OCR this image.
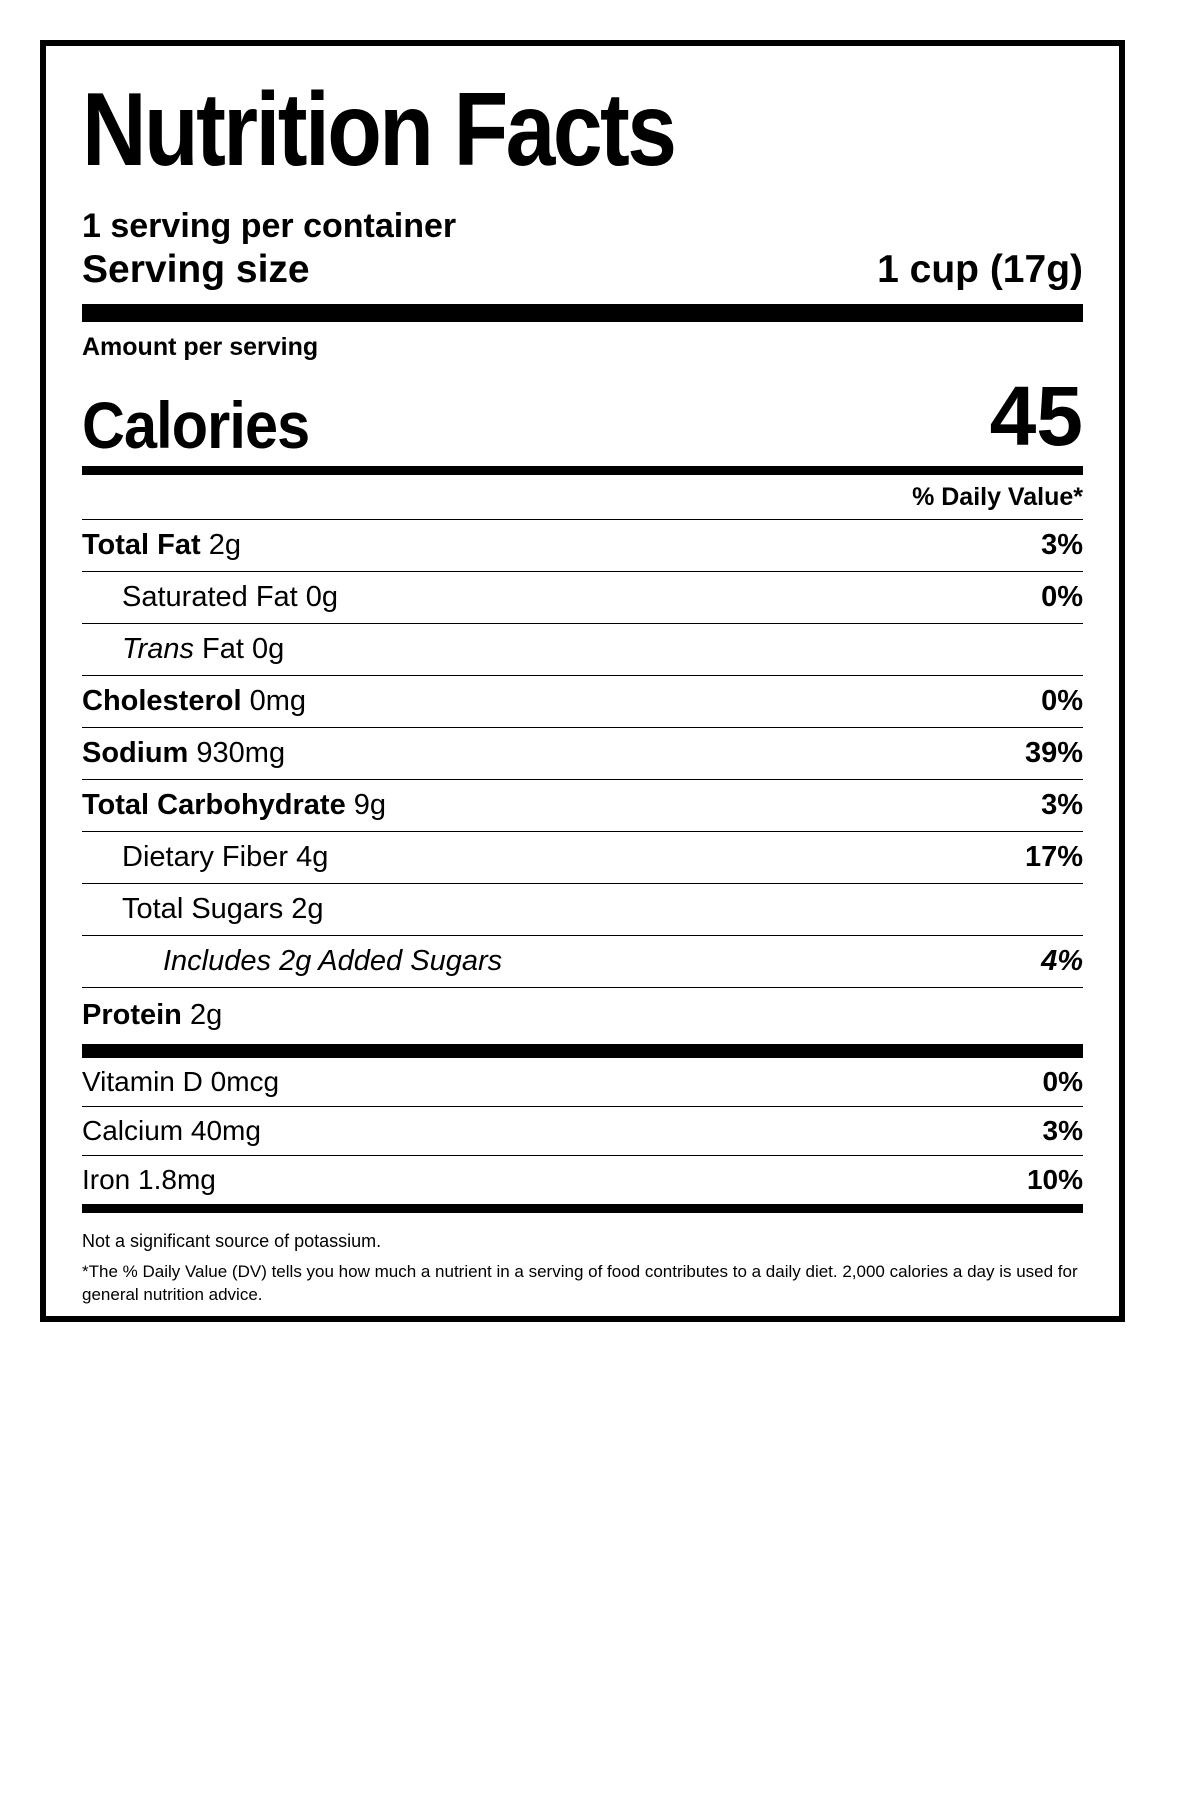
Nutrition Facts
1 serving per container
Serving size	1 cup (17g)
Amount per serving
Calories	45
% Daily Value*
Total Fat 2g	3%
Saturated Fat 0g	0%
Trans Fat 0g
Cholesterol 0mg	0%
Sodium 930mg	39%
Total Carbohydrate 9g	3%
Dietary Fiber 4g	17%
Total Sugars 2g
Includes 2g Added Sugars	4%
Protein 2g
Vitamin D 0mcg	0%
Calcium 40mg	3%
Iron 1.8mg	10%
Not a significant source of potassium.
*The % Daily Value (DV) tells you how much a nutrient in a serving of food contributes to a daily diet. 2,000 calories a day is used for general nutrition advice.
